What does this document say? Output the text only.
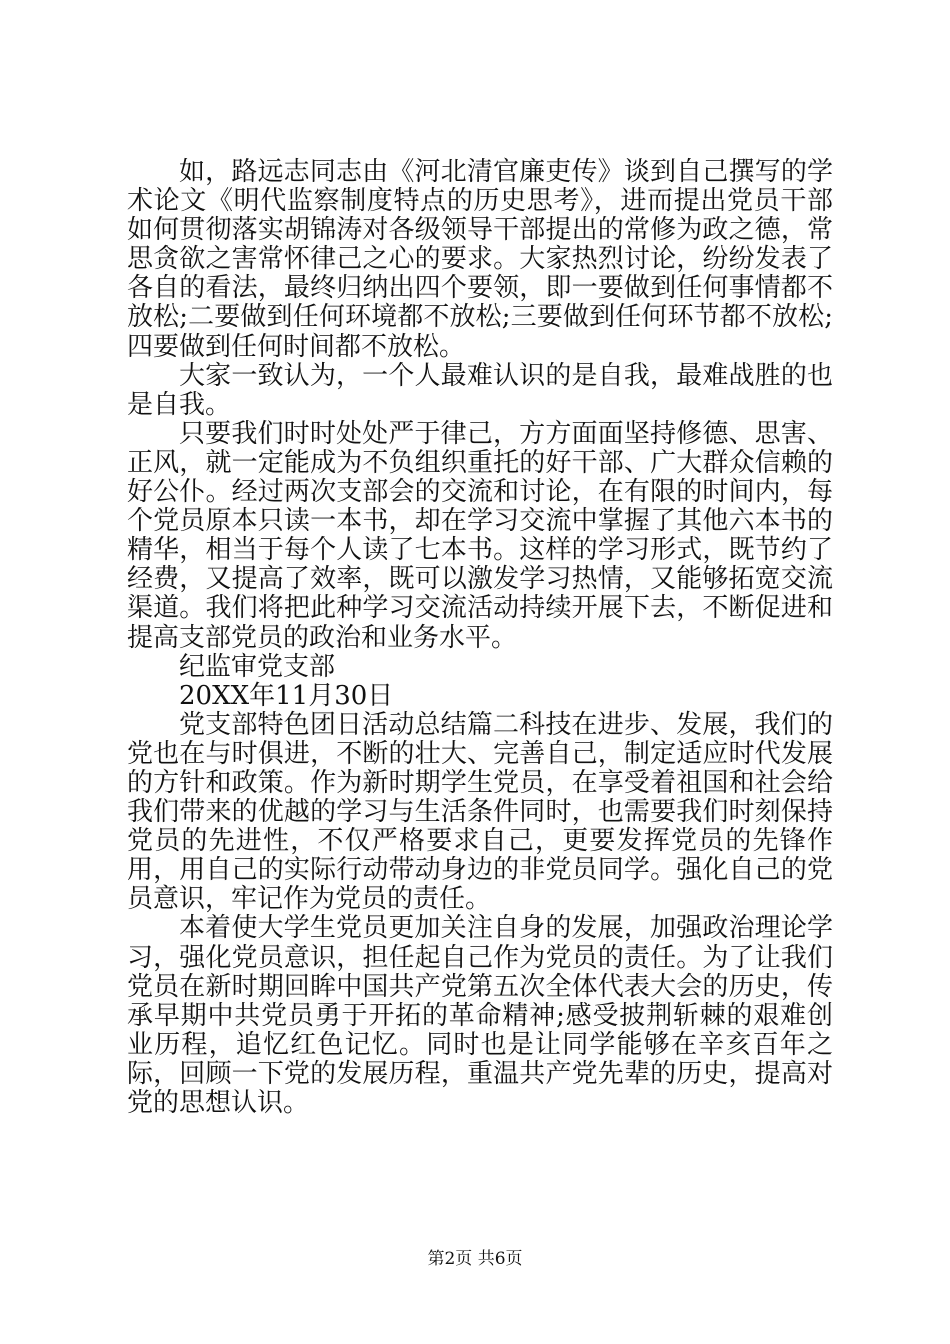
如，路远志同志由《河北清官廉吏传》谈到自己撰写的学术论文《明代监察制度特点的历史思考》，进而提出党员干部如何贯彻落实胡锦涛对各级领导干部提出的常修为政之德，常思贪欲之害常怀律己之心的要求。大家热烈讨论，纷纷发表了各自的看法，最终归纳出四个要领，即一要做到任何事情都不放松;二要做到任何环境都不放松;三要做到任何环节都不放松;四要做到任何时间都不放松。

大家一致认为，一个人最难认识的是自我，最难战胜的也是自我。

只要我们时时处处严于律己，方方面面坚持修德、思害、正风，就一定能成为不负组织重托的好干部、广大群众信赖的好公仆。经过两次支部会的交流和讨论，在有限的时间内，每个党员原本只读一本书，却在学习交流中掌握了其他六本书的精华，相当于每个人读了七本书。这样的学习形式，既节约了经费，又提高了效率，既可以激发学习热情，又能够拓宽交流渠道。我们将把此种学习交流活动持续开展下去，不断促进和提高支部党员的政治和业务水平。

纪监审党支部

20XX年11月30日

党支部特色团日活动总结篇二科技在进步、发展，我们的党也在与时俱进，不断的壮大、完善自己，制定适应时代发展的方针和政策。作为新时期学生党员，在享受着祖国和社会给我们带来的优越的学习与生活条件同时，也需要我们时刻保持党员的先进性，不仅严格要求自己，更要发挥党员的先锋作用，用自己的实际行动带动身边的非党员同学。强化自己的党员意识，牢记作为党员的责任。

本着使大学生党员更加关注自身的发展，加强政治理论学习，强化党员意识，担任起自己作为党员的责任。为了让我们党员在新时期回眸中国共产党第五次全体代表大会的历史，传承早期中共党员勇于开拓的革命精神;感受披荆斩棘的艰难创业历程，追忆红色记忆。同时也是让同学能够在辛亥百年之际，回顾一下党的发展历程，重温共产党先辈的历史，提高对党的思想认识。

第2页 共6页
